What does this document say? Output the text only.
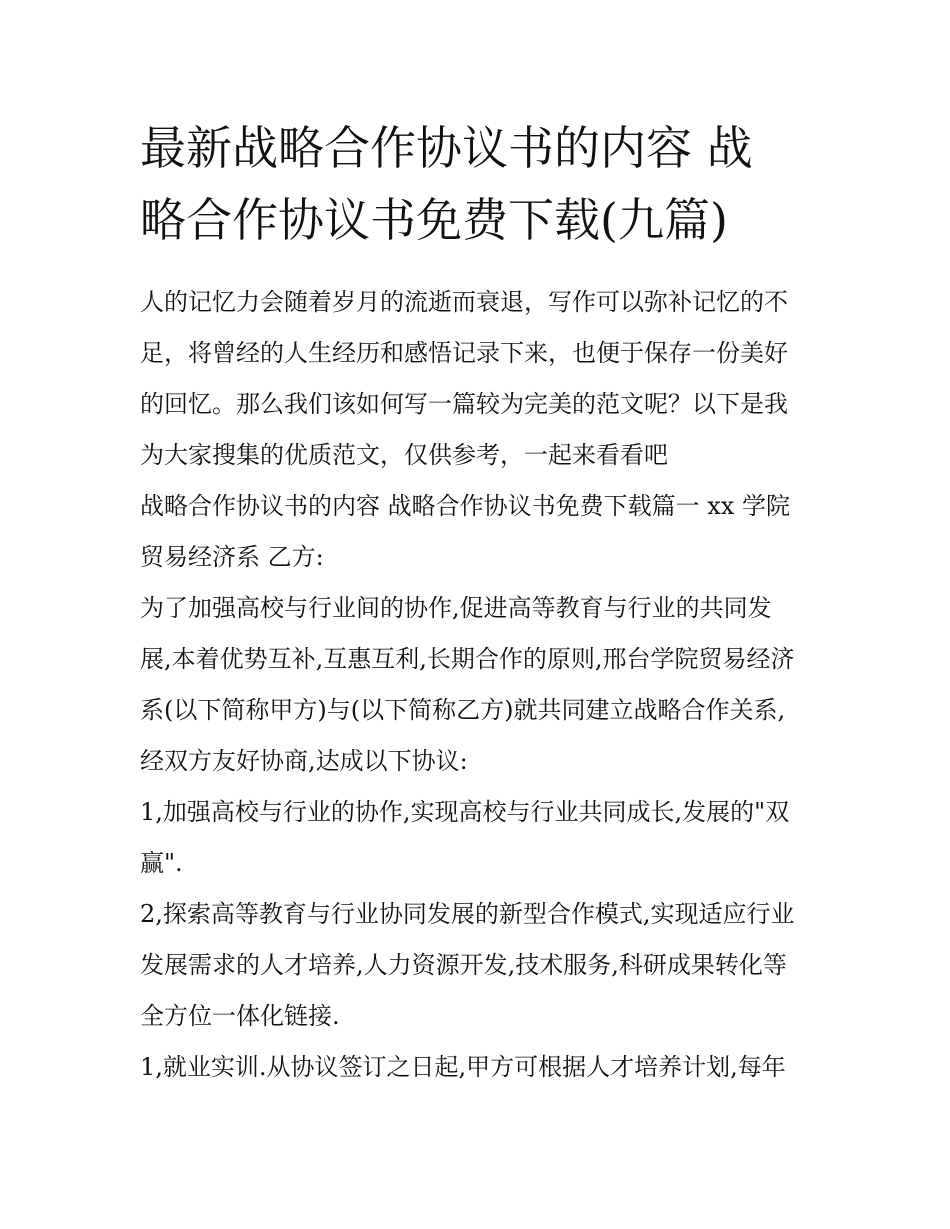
最新战略合作协议书的内容 战
略合作协议书免费下载(九篇)
人的记忆力会随着岁月的流逝而衰退，写作可以弥补记忆的不
足，将曾经的人生经历和感悟记录下来，也便于保存一份美好
的回忆。那么我们该如何写一篇较为完美的范文呢？以下是我
为大家搜集的优质范文，仅供参考，一起来看看吧
战略合作协议书的内容 战略合作协议书免费下载篇一 xx 学院
贸易经济系 乙方:
为了加强高校与行业间的协作,促进高等教育与行业的共同发
展,本着优势互补,互惠互利,长期合作的原则,邢台学院贸易经济
系(以下简称甲方)与(以下简称乙方)就共同建立战略合作关系,
经双方友好协商,达成以下协议:
1,加强高校与行业的协作,实现高校与行业共同成长,发展的"双
赢".
2,探索高等教育与行业协同发展的新型合作模式,实现适应行业
发展需求的人才培养,人力资源开发,技术服务,科研成果转化等
全方位一体化链接.
1,就业实训.从协议签订之日起,甲方可根据人才培养计划,每年
